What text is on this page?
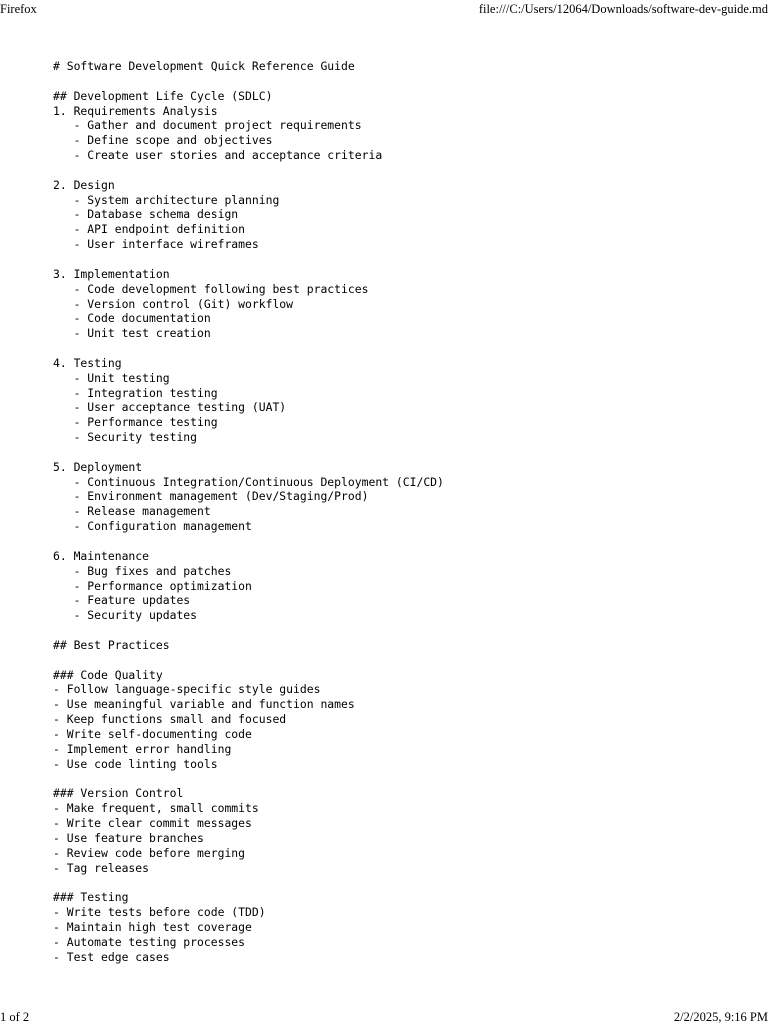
Firefox	file:///C:/Users/12064/Downloads/software-dev-guide.md
# Software Development Quick Reference Guide
## Development Life Cycle (SDLC)
1. Requirements Analysis
- Gather and document project requirements
- Define scope and objectives
- Create user stories and acceptance criteria
2. Design
- System architecture planning
- Database schema design
- API endpoint definition
- User interface wireframes
3. Implementation
- Code development following best practices
- Version control (Git) workflow
- Code documentation
- Unit test creation
4. Testing
- Unit testing
- Integration testing
- User acceptance testing (UAT)
- Performance testing
- Security testing
5. Deployment
- Continuous Integration/Continuous Deployment (CI/CD)
- Environment management (Dev/Staging/Prod)
- Release management
- Configuration management
6. Maintenance
- Bug fixes and patches
- Performance optimization
- Feature updates
- Security updates
## Best Practices
### Code Quality
- Follow language-specific style guides
- Use meaningful variable and function names
- Keep functions small and focused
- Write self-documenting code
- Implement error handling
- Use code linting tools
### Version Control
- Make frequent, small commits
- Write clear commit messages
- Use feature branches
- Review code before merging
- Tag releases
### Testing
- Write tests before code (TDD)
- Maintain high test coverage
- Automate testing processes
- Test edge cases
1 of 2	2/2/2025, 9:16 PM
